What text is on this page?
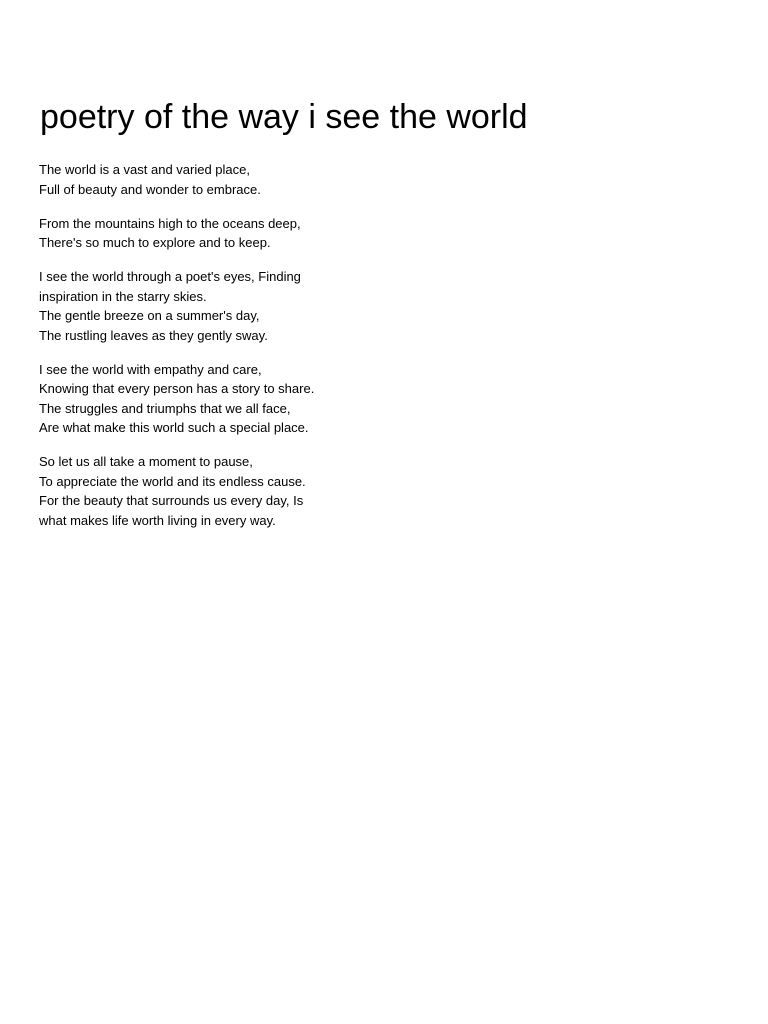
poetry of the way i see the world

The world is a vast and varied place,
Full of beauty and wonder to embrace.

From the mountains high to the oceans deep,
There's so much to explore and to keep.

I see the world through a poet's eyes, Finding
inspiration in the starry skies.
The gentle breeze on a summer's day,
The rustling leaves as they gently sway.

I see the world with empathy and care,
Knowing that every person has a story to share.
The struggles and triumphs that we all face,
Are what make this world such a special place.

So let us all take a moment to pause,
To appreciate the world and its endless cause.
For the beauty that surrounds us every day, Is
what makes life worth living in every way.
